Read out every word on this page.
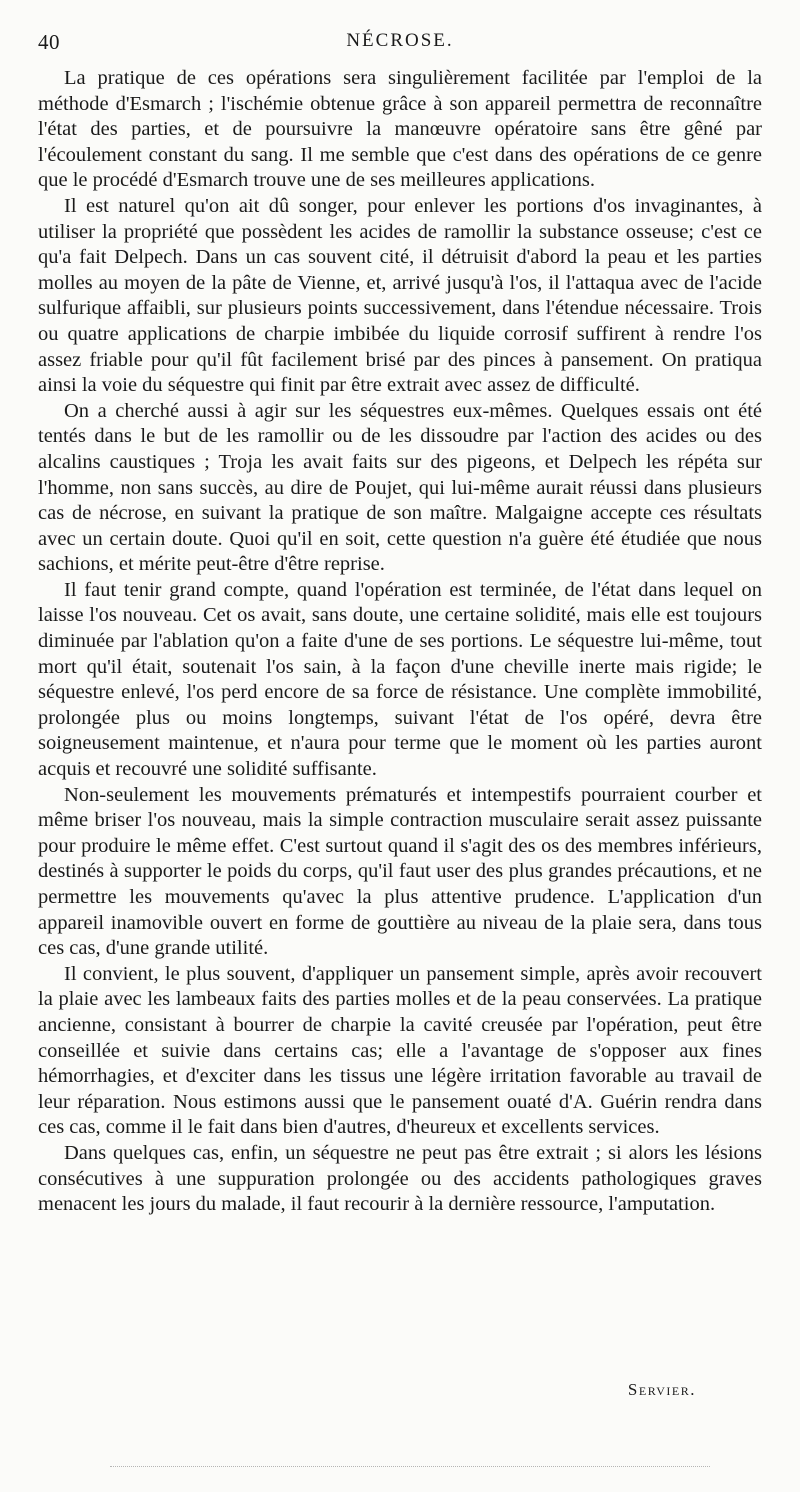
40	NÉCROSE.

La pratique de ces opérations sera singulièrement facilitée par l'emploi de la méthode d'Esmarch ; l'ischémie obtenue grâce à son appareil permettra de reconnaître l'état des parties, et de poursuivre la manœuvre opératoire sans être gêné par l'écoulement constant du sang. Il me semble que c'est dans des opérations de ce genre que le procédé d'Esmarch trouve une de ses meilleures applications.

Il est naturel qu'on ait dû songer, pour enlever les portions d'os invaginantes, à utiliser la propriété que possèdent les acides de ramollir la substance osseuse; c'est ce qu'a fait Delpech. Dans un cas souvent cité, il détruisit d'abord la peau et les parties molles au moyen de la pâte de Vienne, et, arrivé jusqu'à l'os, il l'attaqua avec de l'acide sulfurique affaibli, sur plusieurs points successivement, dans l'étendue nécessaire. Trois ou quatre applications de charpie imbibée du liquide corrosif suffirent à rendre l'os assez friable pour qu'il fût facilement brisé par des pinces à pansement. On pratiqua ainsi la voie du séquestre qui finit par être extrait avec assez de difficulté.

On a cherché aussi à agir sur les séquestres eux-mêmes. Quelques essais ont été tentés dans le but de les ramollir ou de les dissoudre par l'action des acides ou des alcalins caustiques ; Troja les avait faits sur des pigeons, et Delpech les répéta sur l'homme, non sans succès, au dire de Poujet, qui lui-même aurait réussi dans plusieurs cas de nécrose, en suivant la pratique de son maître. Malgaigne accepte ces résultats avec un certain doute. Quoi qu'il en soit, cette question n'a guère été étudiée que nous sachions, et mérite peut-être d'être reprise.

Il faut tenir grand compte, quand l'opération est terminée, de l'état dans lequel on laisse l'os nouveau. Cet os avait, sans doute, une certaine solidité, mais elle est toujours diminuée par l'ablation qu'on a faite d'une de ses portions. Le séquestre lui-même, tout mort qu'il était, soutenait l'os sain, à la façon d'une cheville inerte mais rigide; le séquestre enlevé, l'os perd encore de sa force de résistance. Une complète immobilité, prolongée plus ou moins longtemps, suivant l'état de l'os opéré, devra être soigneusement maintenue, et n'aura pour terme que le moment où les parties auront acquis et recouvré une solidité suffisante.

Non-seulement les mouvements prématurés et intempestifs pourraient courber et même briser l'os nouveau, mais la simple contraction musculaire serait assez puissante pour produire le même effet. C'est surtout quand il s'agit des os des membres inférieurs, destinés à supporter le poids du corps, qu'il faut user des plus grandes précautions, et ne permettre les mouvements qu'avec la plus attentive prudence. L'application d'un appareil inamovible ouvert en forme de gouttière au niveau de la plaie sera, dans tous ces cas, d'une grande utilité.

Il convient, le plus souvent, d'appliquer un pansement simple, après avoir recouvert la plaie avec les lambeaux faits des parties molles et de la peau conservées. La pratique ancienne, consistant à bourrer de charpie la cavité creusée par l'opération, peut être conseillée et suivie dans certains cas; elle a l'avantage de s'opposer aux fines hémorrhagies, et d'exciter dans les tissus une légère irritation favorable au travail de leur réparation. Nous estimons aussi que le pansement ouaté d'A. Guérin rendra dans ces cas, comme il le fait dans bien d'autres, d'heureux et excellents services.

Dans quelques cas, enfin, un séquestre ne peut pas être extrait ; si alors les lésions consécutives à une suppuration prolongée ou des accidents pathologiques graves menacent les jours du malade, il faut recourir à la dernière ressource, l'amputation.

Servier.
